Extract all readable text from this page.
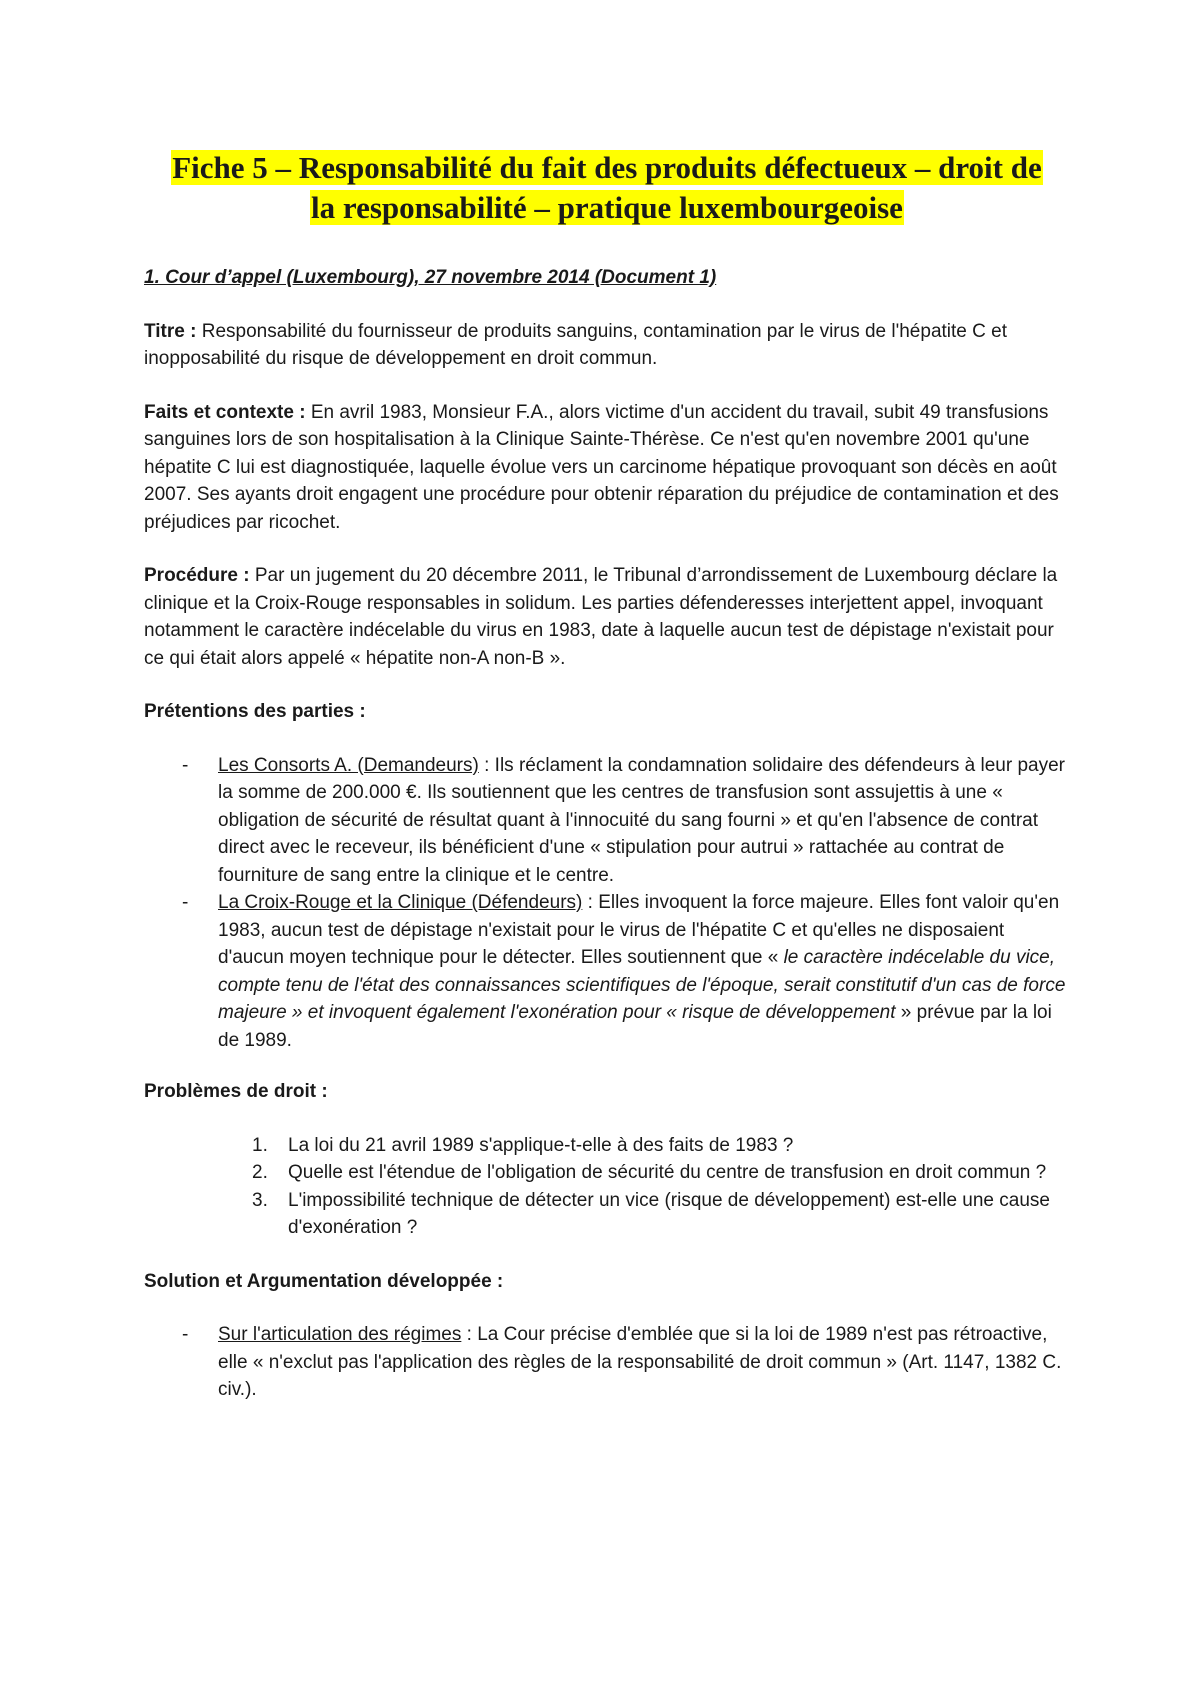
Fiche 5 – Responsabilité du fait des produits défectueux – droit de
la responsabilité – pratique luxembourgeoise
1. Cour d’appel (Luxembourg), 27 novembre 2014 (Document 1)

Titre : Responsabilité du fournisseur de produits sanguins, contamination par le virus de l'hépatite C et inopposabilité du risque de développement en droit commun.

Faits et contexte : En avril 1983, Monsieur F.A., alors victime d'un accident du travail, subit 49 transfusions sanguines lors de son hospitalisation à la Clinique Sainte-Thérèse. Ce n'est qu'en novembre 2001 qu'une hépatite C lui est diagnostiquée, laquelle évolue vers un carcinome hépatique provoquant son décès en août 2007. Ses ayants droit engagent une procédure pour obtenir réparation du préjudice de contamination et des préjudices par ricochet.

Procédure : Par un jugement du 20 décembre 2011, le Tribunal d’arrondissement de Luxembourg déclare la clinique et la Croix-Rouge responsables in solidum. Les parties défenderesses interjettent appel, invoquant notamment le caractère indécelable du virus en 1983, date à laquelle aucun test de dépistage n'existait pour ce qui était alors appelé « hépatite non-A non-B ».

Prétentions des parties :

- Les Consorts A. (Demandeurs) : Ils réclament la condamnation solidaire des défendeurs à leur payer la somme de 200.000 €. Ils soutiennent que les centres de transfusion sont assujettis à une « obligation de sécurité de résultat quant à l'innocuité du sang fourni » et qu'en l'absence de contrat direct avec le receveur, ils bénéficient d'une « stipulation pour autrui » rattachée au contrat de fourniture de sang entre la clinique et le centre.
- La Croix-Rouge et la Clinique (Défendeurs) : Elles invoquent la force majeure. Elles font valoir qu'en 1983, aucun test de dépistage n'existait pour le virus de l'hépatite C et qu'elles ne disposaient d'aucun moyen technique pour le détecter. Elles soutiennent que « le caractère indécelable du vice, compte tenu de l'état des connaissances scientifiques de l'époque, serait constitutif d'un cas de force majeure » et invoquent également l'exonération pour « risque de développement » prévue par la loi de 1989.

Problèmes de droit :

1. La loi du 21 avril 1989 s'applique-t-elle à des faits de 1983 ?
2. Quelle est l'étendue de l'obligation de sécurité du centre de transfusion en droit commun ?
3. L'impossibilité technique de détecter un vice (risque de développement) est-elle une cause d'exonération ?

Solution et Argumentation développée :

- Sur l'articulation des régimes : La Cour précise d'emblée que si la loi de 1989 n'est pas rétroactive, elle « n'exclut pas l'application des règles de la responsabilité de droit commun » (Art. 1147, 1382 C. civ.).
